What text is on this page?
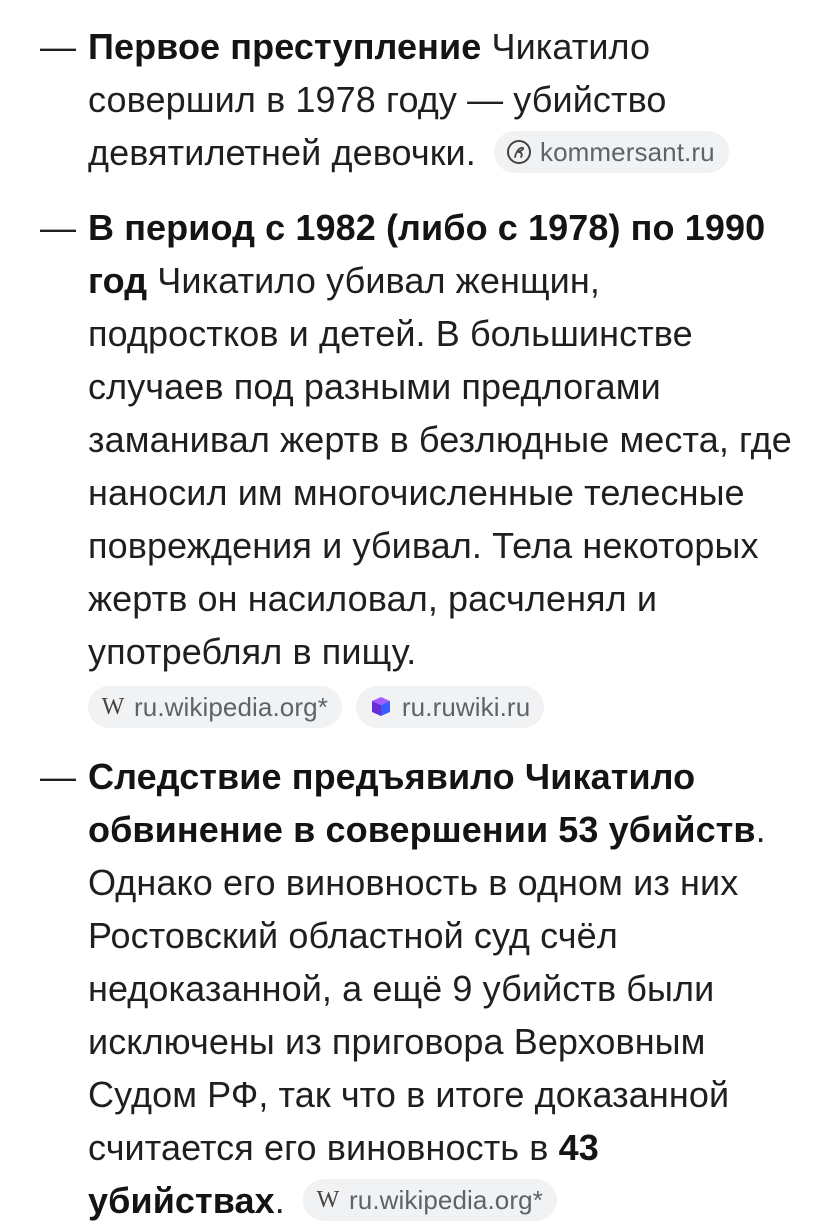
— Первое преступление Чикатило совершил в 1978 году — убийство девятилетней девочки. kommersant.ru
— В период с 1982 (либо с 1978) по 1990 год Чикатило убивал женщин, подростков и детей. В большинстве случаев под разными предлогами заманивал жертв в безлюдные места, где наносил им многочисленные телесные повреждения и убивал. Тела некоторых жертв он насиловал, расчленял и употреблял в пищу.
W ru.wikipedia.org*	ru.ruwiki.ru
— Следствие предъявило Чикатило обвинение в совершении 53 убийств. Однако его виновность в одном из них Ростовский областной суд счёл недоказанной, а ещё 9 убийств были исключены из приговора Верховным Судом РФ, так что в итоге доказанной считается его виновность в 43 убийствах. W ru.wikipedia.org*
